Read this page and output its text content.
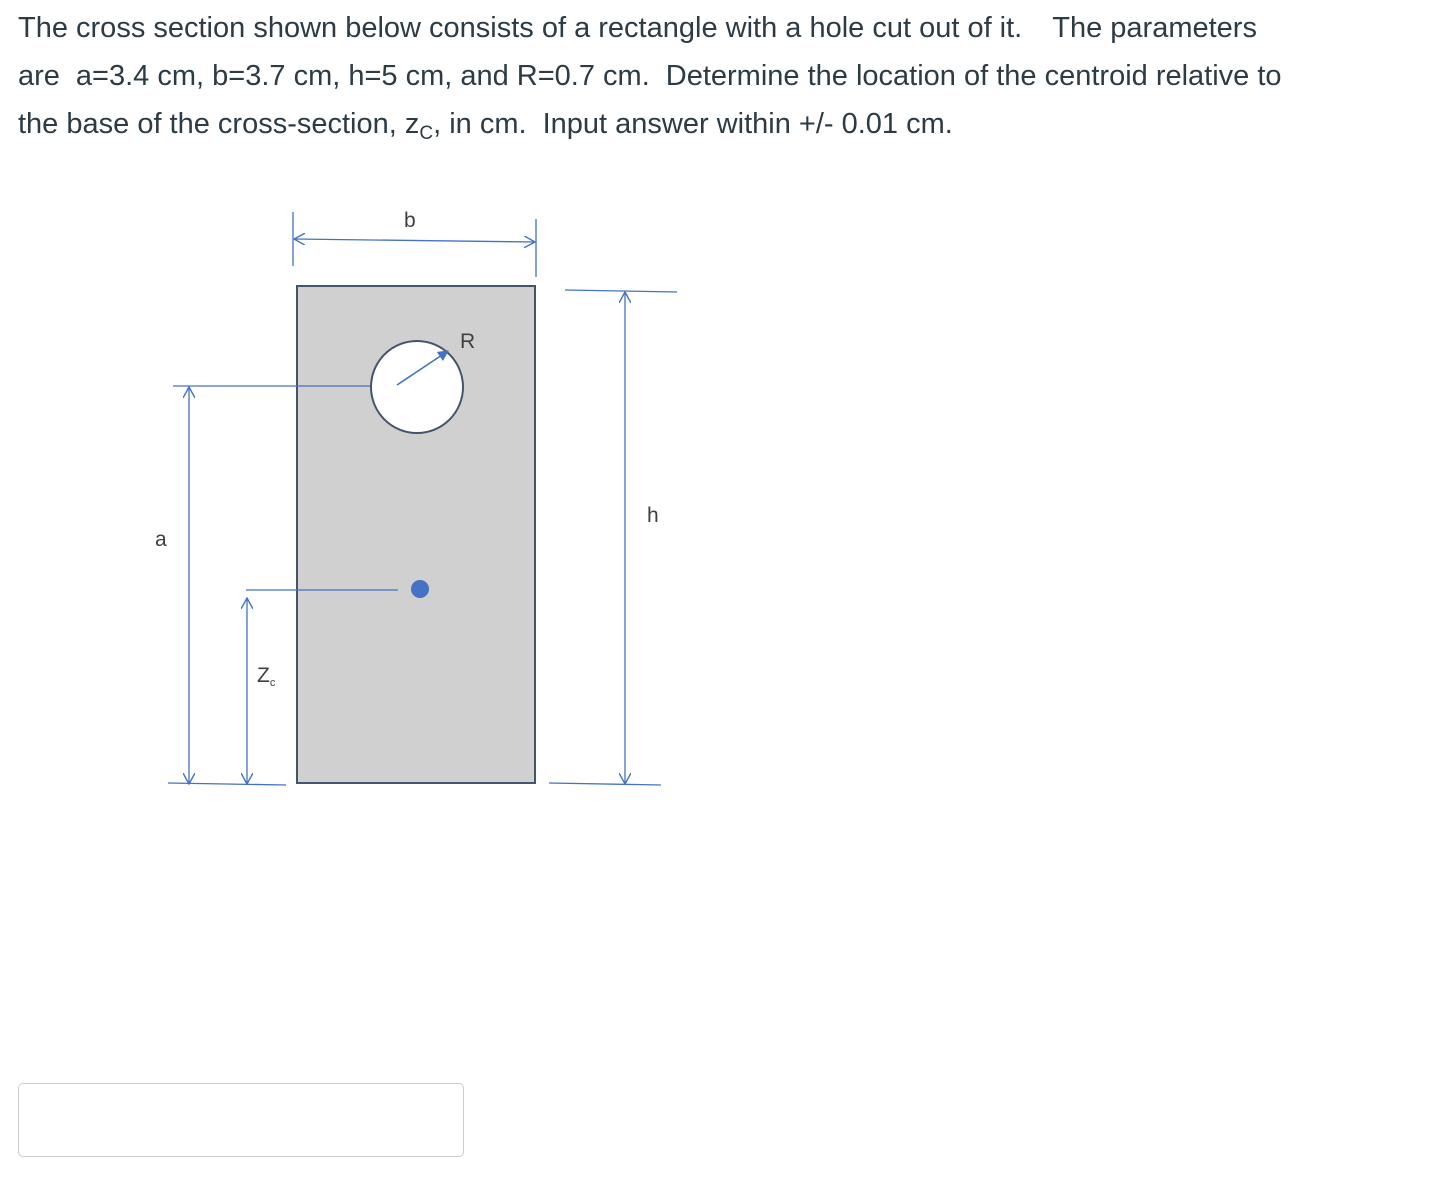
The cross section shown below consists of a rectangle with a hole cut out of it. The parameters

are a=3.4 cm, b=3.7 cm, h=5 cm, and R=0.7 cm. Determine the location of the centroid relative to

the base of the cross-section, $z_C$, in cm. Input answer within +/- 0.01 cm.

R
b
h
a
Zc
